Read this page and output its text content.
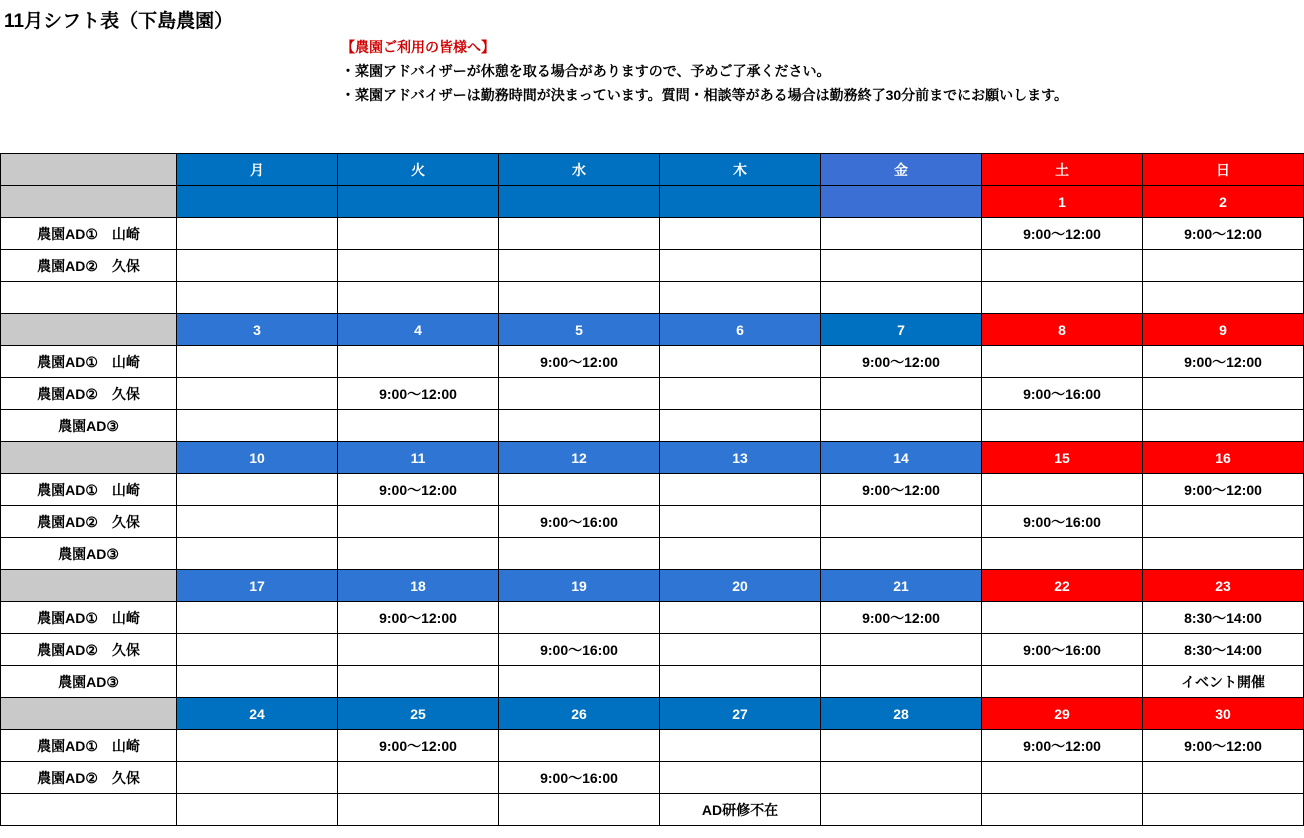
11月シフト表（下島農園）
【農園ご利用の皆様へ】
・菜園アドバイザーが休憩を取る場合がありますので、予めご了承ください。
・菜園アドバイザーは勤務時間が決まっています。質問・相談等がある場合は勤務終了30分前までにお願いします。
	月	火	水	木	金	土	日
						1	2
農園AD①　山崎						9:00〜12:00	9:00〜12:00
農園AD②　久保							

	3	4	5	6	7	8	9
農園AD①　山崎			9:00〜12:00		9:00〜12:00		9:00〜12:00
農園AD②　久保		9:00〜12:00				9:00〜16:00	
農園AD③							
	10	11	12	13	14	15	16
農園AD①　山崎		9:00〜12:00			9:00〜12:00		9:00〜12:00
農園AD②　久保			9:00〜16:00			9:00〜16:00	
農園AD③							
	17	18	19	20	21	22	23
農園AD①　山崎		9:00〜12:00			9:00〜12:00		8:30〜14:00
農園AD②　久保			9:00〜16:00			9:00〜16:00	8:30〜14:00
農園AD③							イベント開催
	24	25	26	27	28	29	30
農園AD①　山崎		9:00〜12:00				9:00〜12:00	9:00〜12:00
農園AD②　久保			9:00〜16:00				
				AD研修不在			
